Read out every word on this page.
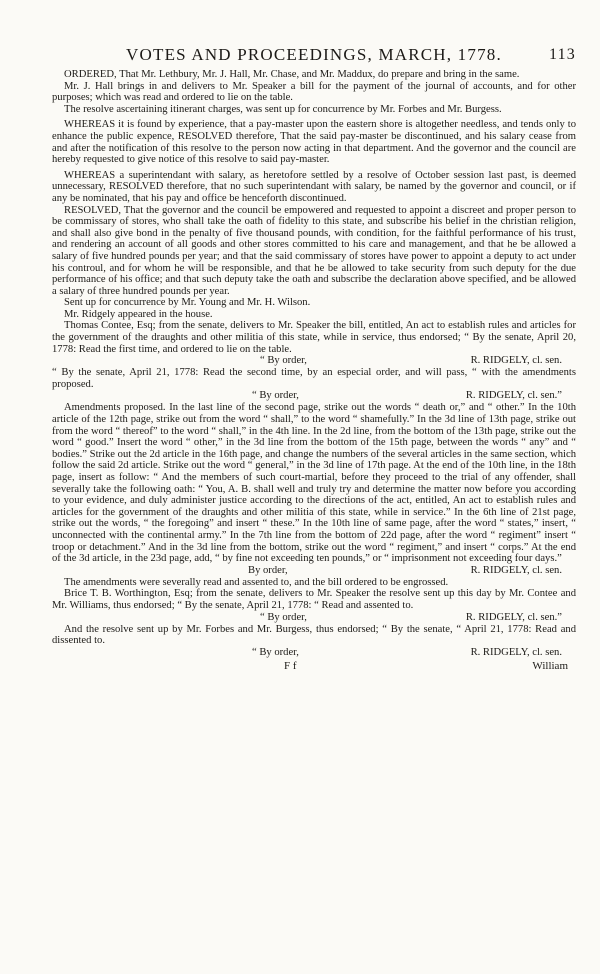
VOTES AND PROCEEDINGS, MARCH, 1778.	113

ORDERED, That Mr. Lethbury, Mr. J. Hall, Mr. Chase, and Mr. Maddux, do prepare and bring in the same.

Mr. J. Hall brings in and delivers to Mr. Speaker a bill for the payment of the journal of accounts, and for other purposes; which was read and ordered to lie on the table.

The resolve ascertaining itinerant charges, was sent up for concurrence by Mr. Forbes and Mr. Burgess.

WHEREAS it is found by experience, that a pay-master upon the eastern shore is altogether needless, and tends only to enhance the public expence, RESOLVED therefore, That the said pay-master be discontinued, and his salary cease from and after the notification of this resolve to the person now acting in that department. And the governor and the council are hereby requested to give notice of this resolve to said pay-master.

WHEREAS a superintendant with salary, as heretofore settled by a resolve of October session last past, is deemed unnecessary, RESOLVED therefore, that no such superintendant with salary, be named by the governor and council, or if any be nominated, that his pay and office be henceforth discontinued.

RESOLVED, That the governor and the council be empowered and requested to appoint a discreet and proper person to be commissary of stores, who shall take the oath of fidelity to this state, and subscribe his belief in the christian religion, and shall also give bond in the penalty of five thousand pounds, with condition, for the faithful performance of his trust, and rendering an account of all goods and other stores committed to his care and management, and that he be allowed a salary of five hundred pounds per year; and that the said commissary of stores have power to appoint a deputy to act under his controul, and for whom he will be responsible, and that he be allowed to take security from such deputy for the due performance of his office; and that such deputy take the oath and subscribe the declaration above specified, and be allowed a salary of three hundred pounds per year.

Sent up for concurrence by Mr. Young and Mr. H. Wilson.

Mr. Ridgely appeared in the house.

Thomas Contee, Esq; from the senate, delivers to Mr. Speaker the bill, entitled, An act to establish rules and articles for the government of the draughts and other militia of this state, while in service, thus endorsed; “ By the senate, April 20, 1778: Read the first time, and ordered to lie on the table.

“ By order,	R. RIDGELY, cl. sen.

“ By the senate, April 21, 1778: Read the second time, by an especial order, and will pass, “ with the amendments proposed.

“ By order,	R. RIDGELY, cl. sen.”

Amendments proposed. In the last line of the second page, strike out the words “ death or,” and “ other.” In the 10th article of the 12th page, strike out from the word “ shall,” to the word “ shamefully.” In the 3d line of 13th page, strike out from the word “ thereof” to the word “ shall,” in the 4th line. In the 2d line, from the bottom of the 13th page, strike out the word “ good.” Insert the word “ other,” in the 3d line from the bottom of the 15th page, between the words “ any” and “ bodies.” Strike out the 2d article in the 16th page, and change the numbers of the several articles in the same section, which follow the said 2d article. Strike out the word “ general,” in the 3d line of 17th page. At the end of the 10th line, in the 18th page, insert as follow: “ And the members of such court-martial, before they proceed to the trial of any offender, shall severally take the following oath: “ You, A. B. shall well and truly try and determine the matter now before you according to your evidence, and duly administer justice according to the directions of the act, entitled, An act to establish rules and articles for the government of the draughts and other militia of this state, while in service.” In the 6th line of 21st page, strike out the words, “ the foregoing” and insert “ these.” In the 10th line of same page, after the word “ states,” insert, “ unconnected with the continental army.” In the 7th line from the bottom of 22d page, after the word “ regiment” insert “ troop or detachment.” And in the 3d line from the bottom, strike out the word “ regiment,” and insert “ corps.” At the end of the 3d article, in the 23d page, add, “ by fine not exceeding ten pounds,” or “ imprisonment not exceeding four days.”

By order,	R. RIDGELY, cl. sen.

The amendments were severally read and assented to, and the bill ordered to be engrossed.

Brice T. B. Worthington, Esq; from the senate, delivers to Mr. Speaker the resolve sent up this day by Mr. Contee and Mr. Williams, thus endorsed; “ By the senate, April 21, 1778: “ Read and assented to.

“ By order,	R. RIDGELY, cl. sen.”

And the resolve sent up by Mr. Forbes and Mr. Burgess, thus endorsed; “ By the senate, “ April 21, 1778: Read and dissented to.

“ By order,	R. RIDGELY, cl. sen.
F f	William
